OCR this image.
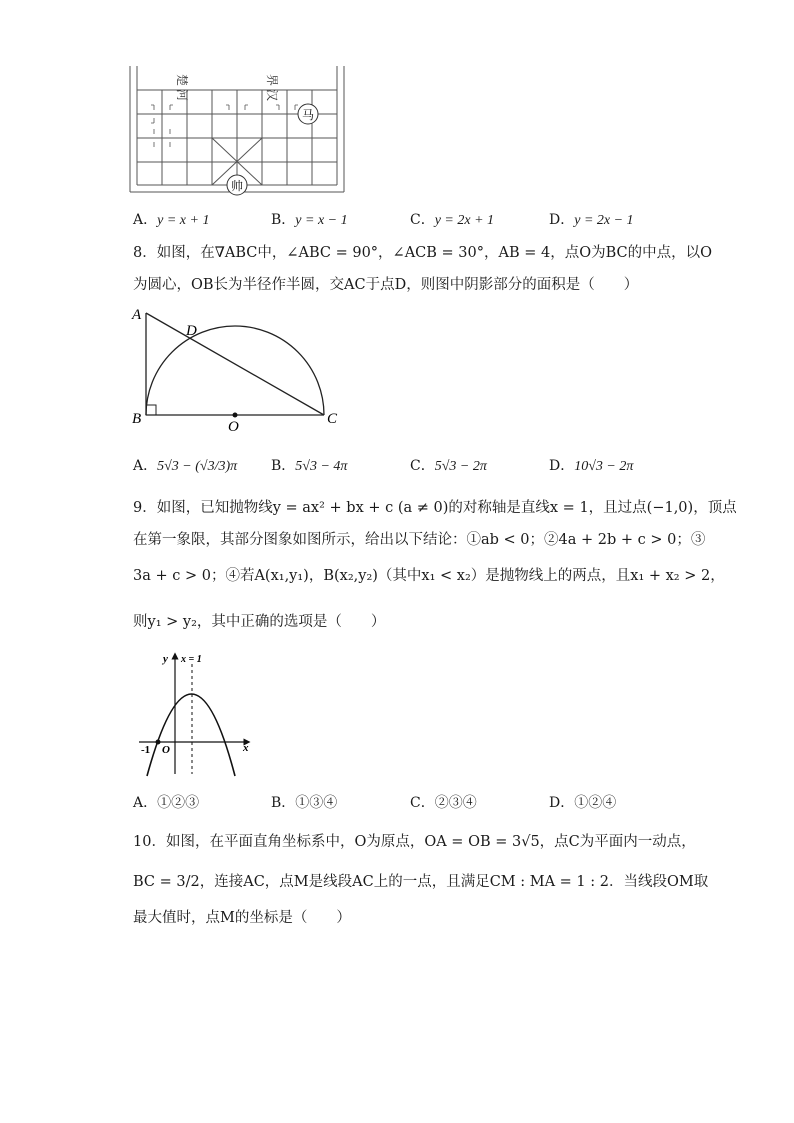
楚 河	界 汉
马
帅
A．y = x + 1	B．y = x − 1	C．y = 2x + 1	D．y = 2x − 1
8．如图，在∇ABC中，∠ABC = 90°，∠ACB = 30°，AB = 4，点O为BC的中点，以O
为圆心，OB长为半径作半圆，交AC于点D，则图中阴影部分的面积是（　　）
A
D
B	O	C
A．5√3 − (√3/3)π B．5√3 − 4π	C．5√3 − 2π	D．10√3 − 2π
9．如图，已知抛物线y = ax² + bx + c (a ≠ 0)的对称轴是直线x = 1，且过点(−1,0)，顶点
在第一象限，其部分图象如图所示，给出以下结论：①ab < 0；②4a + 2b + c > 0；③
3a + c > 0；④若A(x₁,y₁)，B(x₂,y₂)（其中x₁ < x₂）是抛物线上的两点，且x₁ + x₂ > 2，
则y₁ > y₂，其中正确的选项是（　　）
y x = 1
x
-1 O
A．①②③	B．①③④	C．②③④	D．①②④
10．如图，在平面直角坐标系中，O为原点，OA = OB = 3√5，点C为平面内一动点，
BC = 3/2，连接AC，点M是线段AC上的一点，且满足CM : MA = 1 : 2．当线段OM取
最大值时，点M的坐标是（　　）
